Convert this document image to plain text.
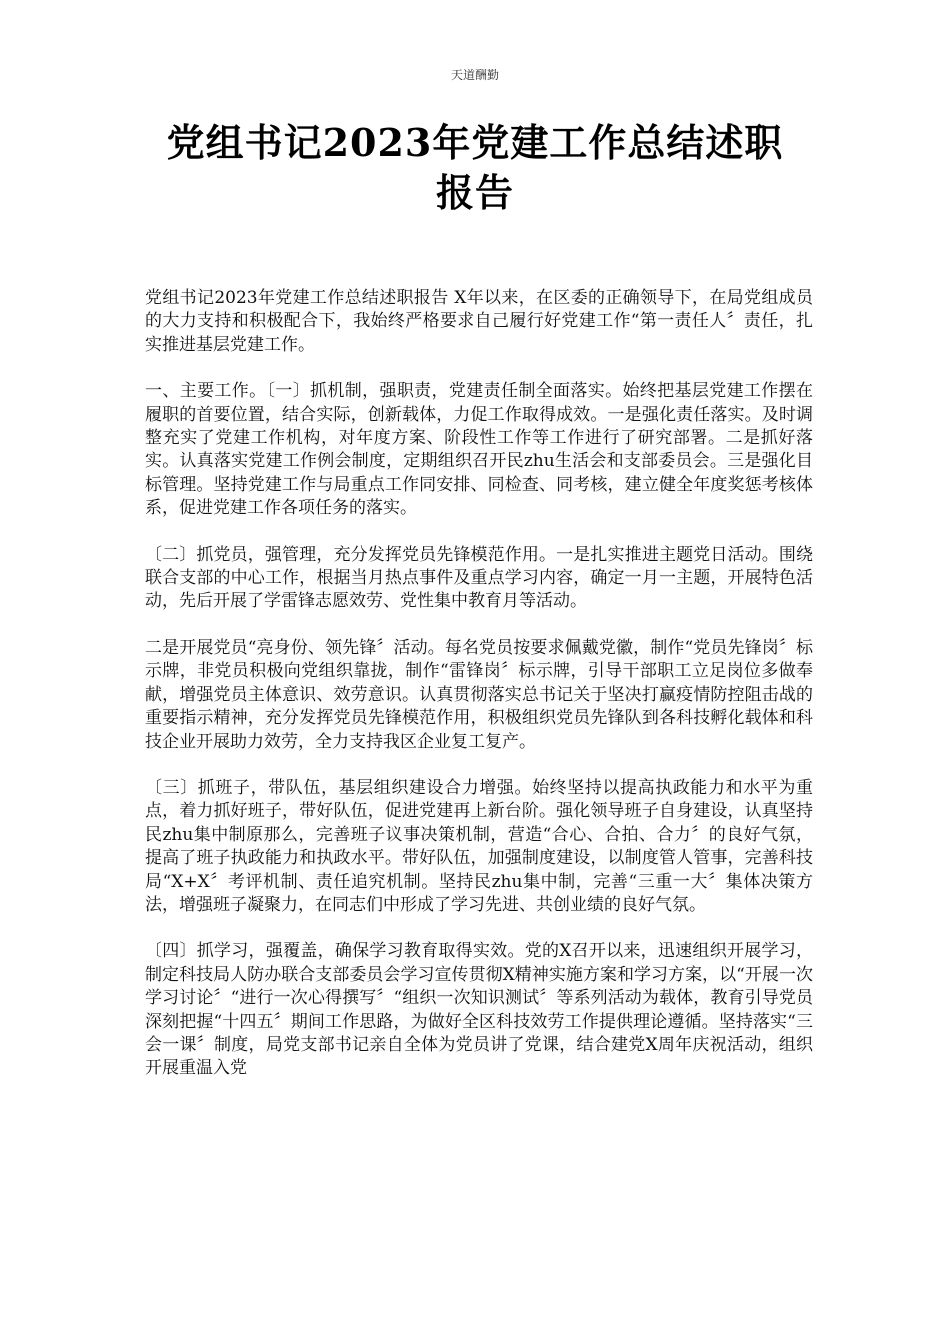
天道酬勤
党组书记2023年党建工作总结述职报告

党组书记2023年党建工作总结述职报告 X年以来，在区委的正确领导下，在局党组成员的大力支持和积极配合下，我始终严格要求自己履行好党建工作“第一责任人〞责任，扎实推进基层党建工作。

一、主要工作。〔一〕抓机制，强职责，党建责任制全面落实。始终把基层党建工作摆在履职的首要位置，结合实际，创新载体，力促工作取得成效。一是强化责任落实。及时调整充实了党建工作机构，对年度方案、阶段性工作等工作进行了研究部署。二是抓好落实。认真落实党建工作例会制度，定期组织召开民zhu生活会和支部委员会。三是强化目标管理。坚持党建工作与局重点工作同安排、同检查、同考核，建立健全年度奖惩考核体系，促进党建工作各项任务的落实。

〔二〕抓党员，强管理，充分发挥党员先锋模范作用。一是扎实推进主题党日活动。围绕联合支部的中心工作，根据当月热点事件及重点学习内容，确定一月一主题，开展特色活动，先后开展了学雷锋志愿效劳、党性集中教育月等活动。

二是开展党员“亮身份、领先锋〞活动。每名党员按要求佩戴党徽，制作“党员先锋岗〞标示牌，非党员积极向党组织靠拢，制作“雷锋岗〞标示牌，引导干部职工立足岗位多做奉献，增强党员主体意识、效劳意识。认真贯彻落实总书记关于坚决打赢疫情防控阻击战的重要指示精神，充分发挥党员先锋模范作用，积极组织党员先锋队到各科技孵化载体和科技企业开展助力效劳，全力支持我区企业复工复产。

〔三〕抓班子，带队伍，基层组织建设合力增强。始终坚持以提高执政能力和水平为重点，着力抓好班子，带好队伍，促进党建再上新台阶。强化领导班子自身建设，认真坚持民zhu集中制原那么，完善班子议事决策机制，营造“合心、合拍、合力〞的良好气氛，提高了班子执政能力和执政水平。带好队伍，加强制度建设，以制度管人管事，完善科技局“X+X〞考评机制、责任追究机制。坚持民zhu集中制，完善“三重一大〞集体决策方法，增强班子凝聚力，在同志们中形成了学习先进、共创业绩的良好气氛。

〔四〕抓学习，强覆盖，确保学习教育取得实效。党的X召开以来，迅速组织开展学习，制定科技局人防办联合支部委员会学习宣传贯彻X精神实施方案和学习方案，以“开展一次学习讨论〞“进行一次心得撰写〞“组织一次知识测试〞等系列活动为载体，教育引导党员深刻把握“十四五〞期间工作思路，为做好全区科技效劳工作提供理论遵循。坚持落实“三会一课〞制度，局党支部书记亲自全体为党员讲了党课，结合建党X周年庆祝活动，组织开展重温入党
